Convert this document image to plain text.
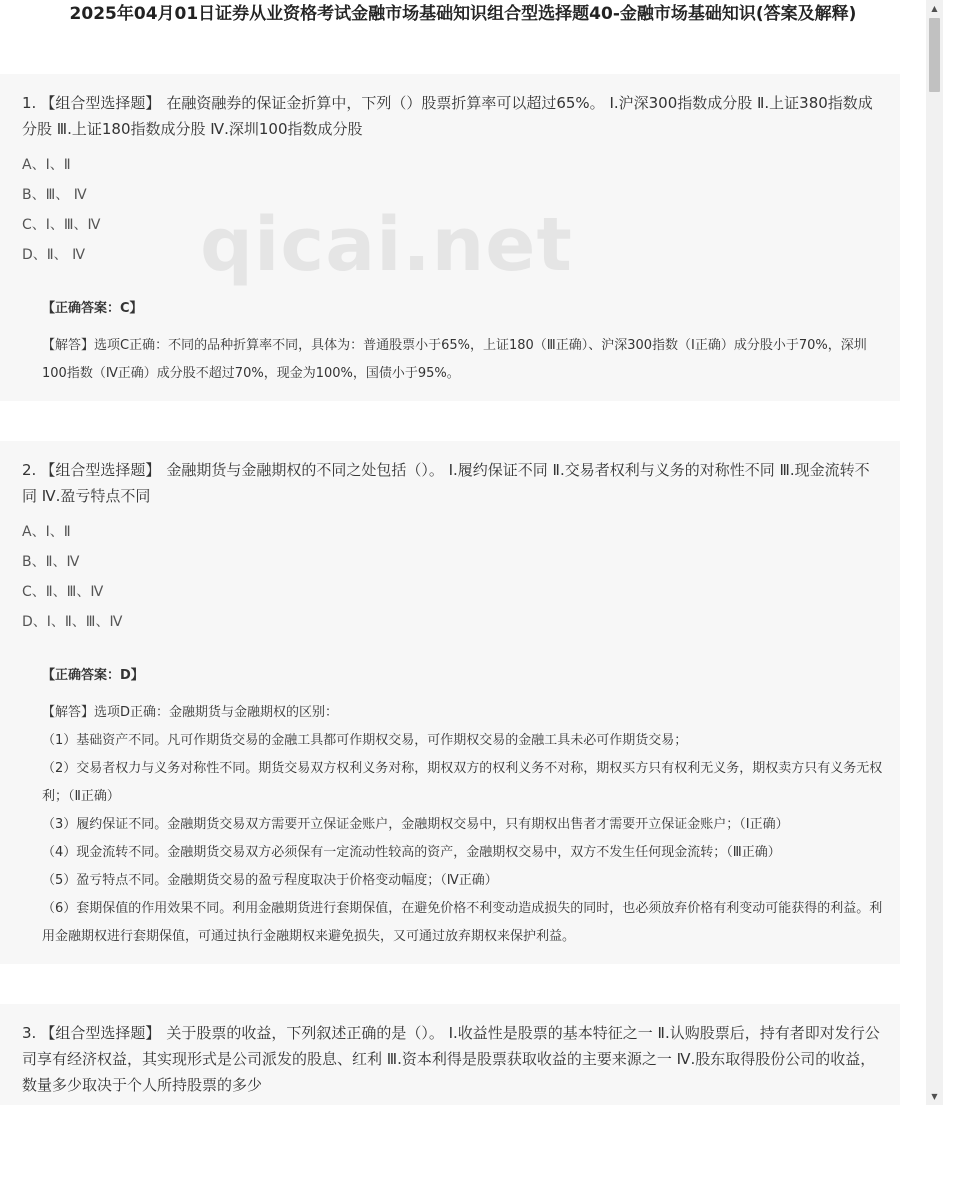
2025年04月01日证券从业资格考试金融市场基础知识组合型选择题40-金融市场基础知识(答案及解释)
1. 【组合型选择题】 在融资融券的保证金折算中，下列（）股票折算率可以超过65%。 Ⅰ.沪深300指数成分股 Ⅱ.上证380指数成分股 Ⅲ.上证180指数成分股 Ⅳ.深圳100指数成分股
A、Ⅰ、Ⅱ
B、Ⅲ、 Ⅳ
C、Ⅰ、Ⅲ、Ⅳ
D、Ⅱ、 Ⅳ
【正确答案：C】

【解答】选项C正确：不同的品种折算率不同，具体为：普通股票小于65%，上证180（Ⅲ正确）、沪深300指数（Ⅰ正确）成分股小于70%，深圳100指数（Ⅳ正确）成分股不超过70%，现金为100%，国债小于95%。

qicai.net
2. 【组合型选择题】 金融期货与金融期权的不同之处包括（）。 Ⅰ.履约保证不同 Ⅱ.交易者权利与义务的对称性不同 Ⅲ.现金流转不同 Ⅳ.盈亏特点不同
A、Ⅰ、Ⅱ
B、Ⅱ、Ⅳ
C、Ⅱ、Ⅲ、Ⅳ
D、Ⅰ、Ⅱ、Ⅲ、Ⅳ
【正确答案：D】

【解答】选项D正确：金融期货与金融期权的区别：

（1）基础资产不同。凡可作期货交易的金融工具都可作期权交易，可作期权交易的金融工具未必可作期货交易；

（2）交易者权力与义务对称性不同。期货交易双方权利义务对称，期权双方的权利义务不对称，期权买方只有权利无义务，期权卖方只有义务无权利；（Ⅱ正确）

（3）履约保证不同。金融期货交易双方需要开立保证金账户，金融期权交易中，只有期权出售者才需要开立保证金账户；（Ⅰ正确）

（4）现金流转不同。金融期货交易双方必须保有一定流动性较高的资产，金融期权交易中，双方不发生任何现金流转；（Ⅲ正确）

（5）盈亏特点不同。金融期货交易的盈亏程度取决于价格变动幅度；（Ⅳ正确）

（6）套期保值的作用效果不同。利用金融期货进行套期保值，在避免价格不利变动造成损失的同时，也必须放弃价格有利变动可能获得的利益。利用金融期权进行套期保值，可通过执行金融期权来避免损失，又可通过放弃期权来保护利益。

3. 【组合型选择题】 关于股票的收益，下列叙述正确的是（）。 Ⅰ.收益性是股票的基本特征之一 Ⅱ.认购股票后，持有者即对发行公司享有经济权益，其实现形式是公司派发的股息、红利 Ⅲ.资本利得是股票获取收益的主要来源之一 Ⅳ.股东取得股份公司的收益，数量多少取决于个人所持股票的多少
▲
▼
